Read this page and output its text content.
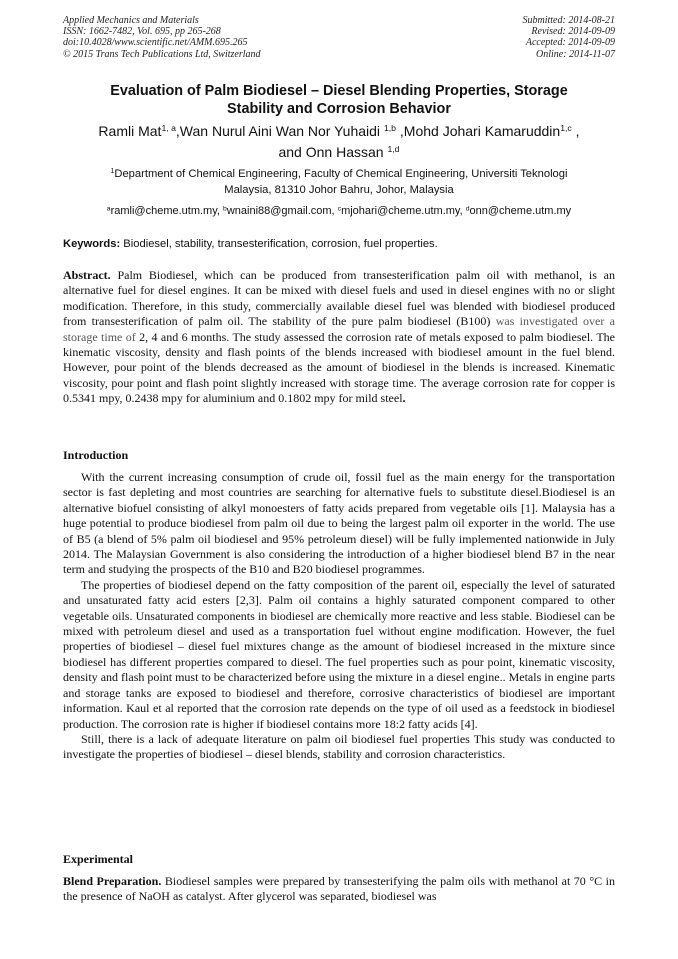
Applied Mechanics and Materials
ISSN: 1662-7482, Vol. 695, pp 265-268
doi:10.4028/www.scientific.net/AMM.695.265
© 2015 Trans Tech Publications Ltd, Switzerland
Submitted: 2014-08-21
Revised: 2014-09-09
Accepted: 2014-09-09
Online: 2014-11-07
Evaluation of Palm Biodiesel – Diesel Blending Properties, Storage
Stability and Corrosion Behavior
Ramli Mat$^{1, a}$,Wan Nurul Aini Wan Nor Yuhaidi $^{1,b}$ ,Mohd Johari Kamaruddin$^{1,c}$ ,
and Onn Hassan $^{1,d}$
$^1$Department of Chemical Engineering, Faculty of Chemical Engineering, Universiti Teknologi
Malaysia, 81310 Johor Bahru, Johor, Malaysia
$^a$ramli@cheme.utm.my, $^b$wnaini88@gmail.com, $^c$mjohari@cheme.utm.my, $^d$onn@cheme.utm.my
Keywords: Biodiesel, stability, transesterification, corrosion, fuel properties.

Abstract. Palm Biodiesel, which can be produced from transesterification palm oil with methanol, is an alternative fuel for diesel engines. It can be mixed with diesel fuels and used in diesel engines with no or slight modification. Therefore, in this study, commercially available diesel fuel was blended with biodiesel produced from transesterification of palm oil. The stability of the pure palm biodiesel (B100) was investigated over a storage time of 2, 4 and 6 months. The study assessed the corrosion rate of metals exposed to palm biodiesel. The kinematic viscosity, density and flash points of the blends increased with biodiesel amount in the fuel blend. However, pour point of the blends decreased as the amount of biodiesel in the blends is increased. Kinematic viscosity, pour point and flash point slightly increased with storage time. The average corrosion rate for copper is 0.5341 mpy, 0.2438 mpy for aluminium and 0.1802 mpy for mild steel.

Introduction

With the current increasing consumption of crude oil, fossil fuel as the main energy for the transportation sector is fast depleting and most countries are searching for alternative fuels to substitute diesel.Biodiesel is an alternative biofuel consisting of alkyl monoesters of fatty acids prepared from vegetable oils [1]. Malaysia has a huge potential to produce biodiesel from palm oil due to being the largest palm oil exporter in the world. The use of B5 (a blend of 5% palm oil biodiesel and 95% petroleum diesel) will be fully implemented nationwide in July 2014. The Malaysian Government is also considering the introduction of a higher biodiesel blend B7 in the near term and studying the prospects of the B10 and B20 biodiesel programmes.

The properties of biodiesel depend on the fatty composition of the parent oil, especially the level of saturated and unsaturated fatty acid esters [2,3]. Palm oil contains a highly saturated component compared to other vegetable oils. Unsaturated components in biodiesel are chemically more reactive and less stable. Biodiesel can be mixed with petroleum diesel and used as a transportation fuel without engine modification. However, the fuel properties of biodiesel – diesel fuel mixtures change as the amount of biodiesel increased in the mixture since biodiesel has different properties compared to diesel. The fuel properties such as pour point, kinematic viscosity, density and flash point must to be characterized before using the mixture in a diesel engine.. Metals in engine parts and storage tanks are exposed to biodiesel and therefore, corrosive characteristics of biodiesel are important information. Kaul et al reported that the corrosion rate depends on the type of oil used as a feedstock in biodiesel production. The corrosion rate is higher if biodiesel contains more 18:2 fatty acids [4].

Still, there is a lack of adequate literature on palm oil biodiesel fuel properties This study was conducted to investigate the properties of biodiesel – diesel blends, stability and corrosion characteristics.

Experimental

Blend Preparation. Biodiesel samples were prepared by transesterifying the palm oils with methanol at 70 °C in the presence of NaOH as catalyst. After glycerol was separated, biodiesel was
